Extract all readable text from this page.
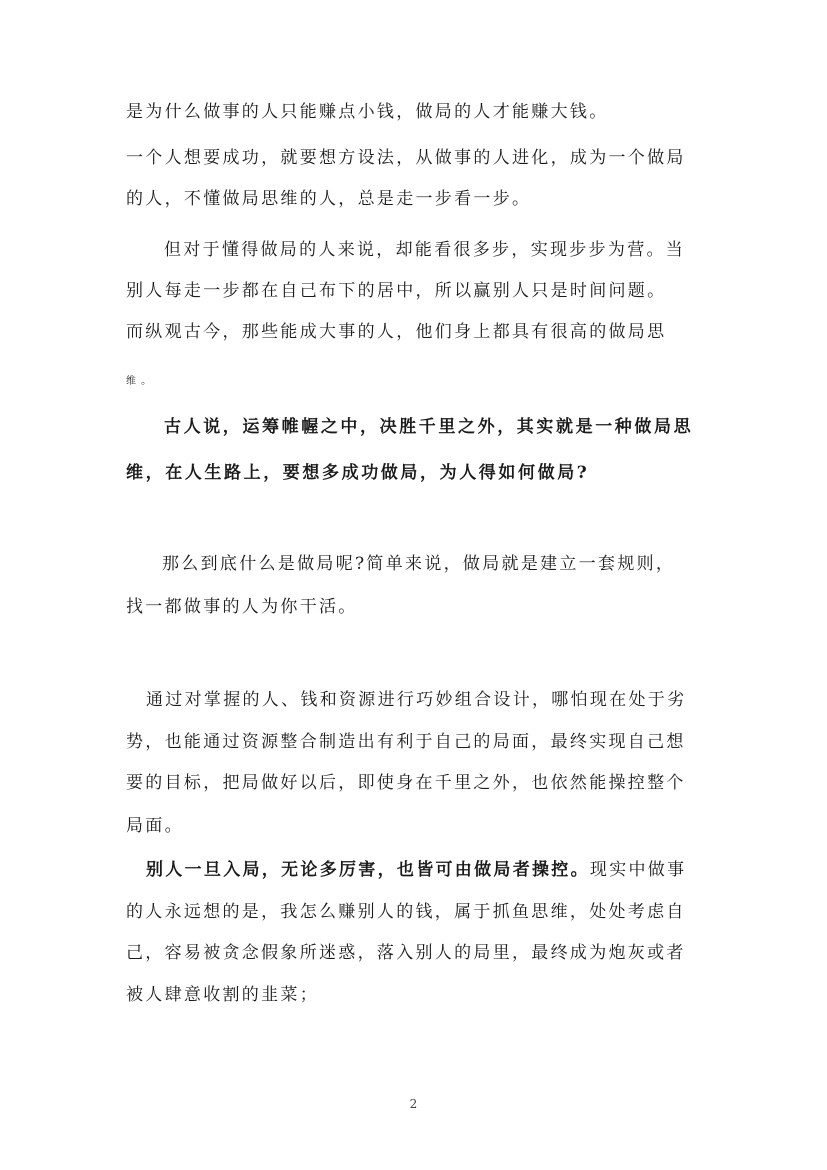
是为什么做事的人只能赚点小钱，做局的人才能赚大钱。
一个人想要成功，就要想方设法，从做事的人进化，成为一个做局
的人，不懂做局思维的人，总是走一步看一步。
但对于懂得做局的人来说，却能看很多步，实现步步为营。当
别人每走一步都在自己布下的居中，所以赢别人只是时间问题。
而纵观古今，那些能成大事的人，他们身上都具有很高的做局思
维 。
古人说，运筹帷幄之中，决胜千里之外，其实就是一种做局思
维，在人生路上，要想多成功做局，为人得如何做局?
那么到底什么是做局呢?简单来说，做局就是建立一套规则，
找一都做事的人为你干活。
通过对掌握的人、钱和资源进行巧妙组合设计，哪怕现在处于劣
势，也能通过资源整合制造出有利于自己的局面，最终实现自己想
要的目标，把局做好以后，即使身在千里之外，也依然能操控整个
局面。
别人一旦入局，无论多厉害，也皆可由做局者操控。现实中做事
的人永远想的是，我怎么赚别人的钱，属于抓鱼思维，处处考虑自
己，容易被贪念假象所迷惑，落入别人的局里，最终成为炮灰或者
被人肆意收割的韭菜；
2
